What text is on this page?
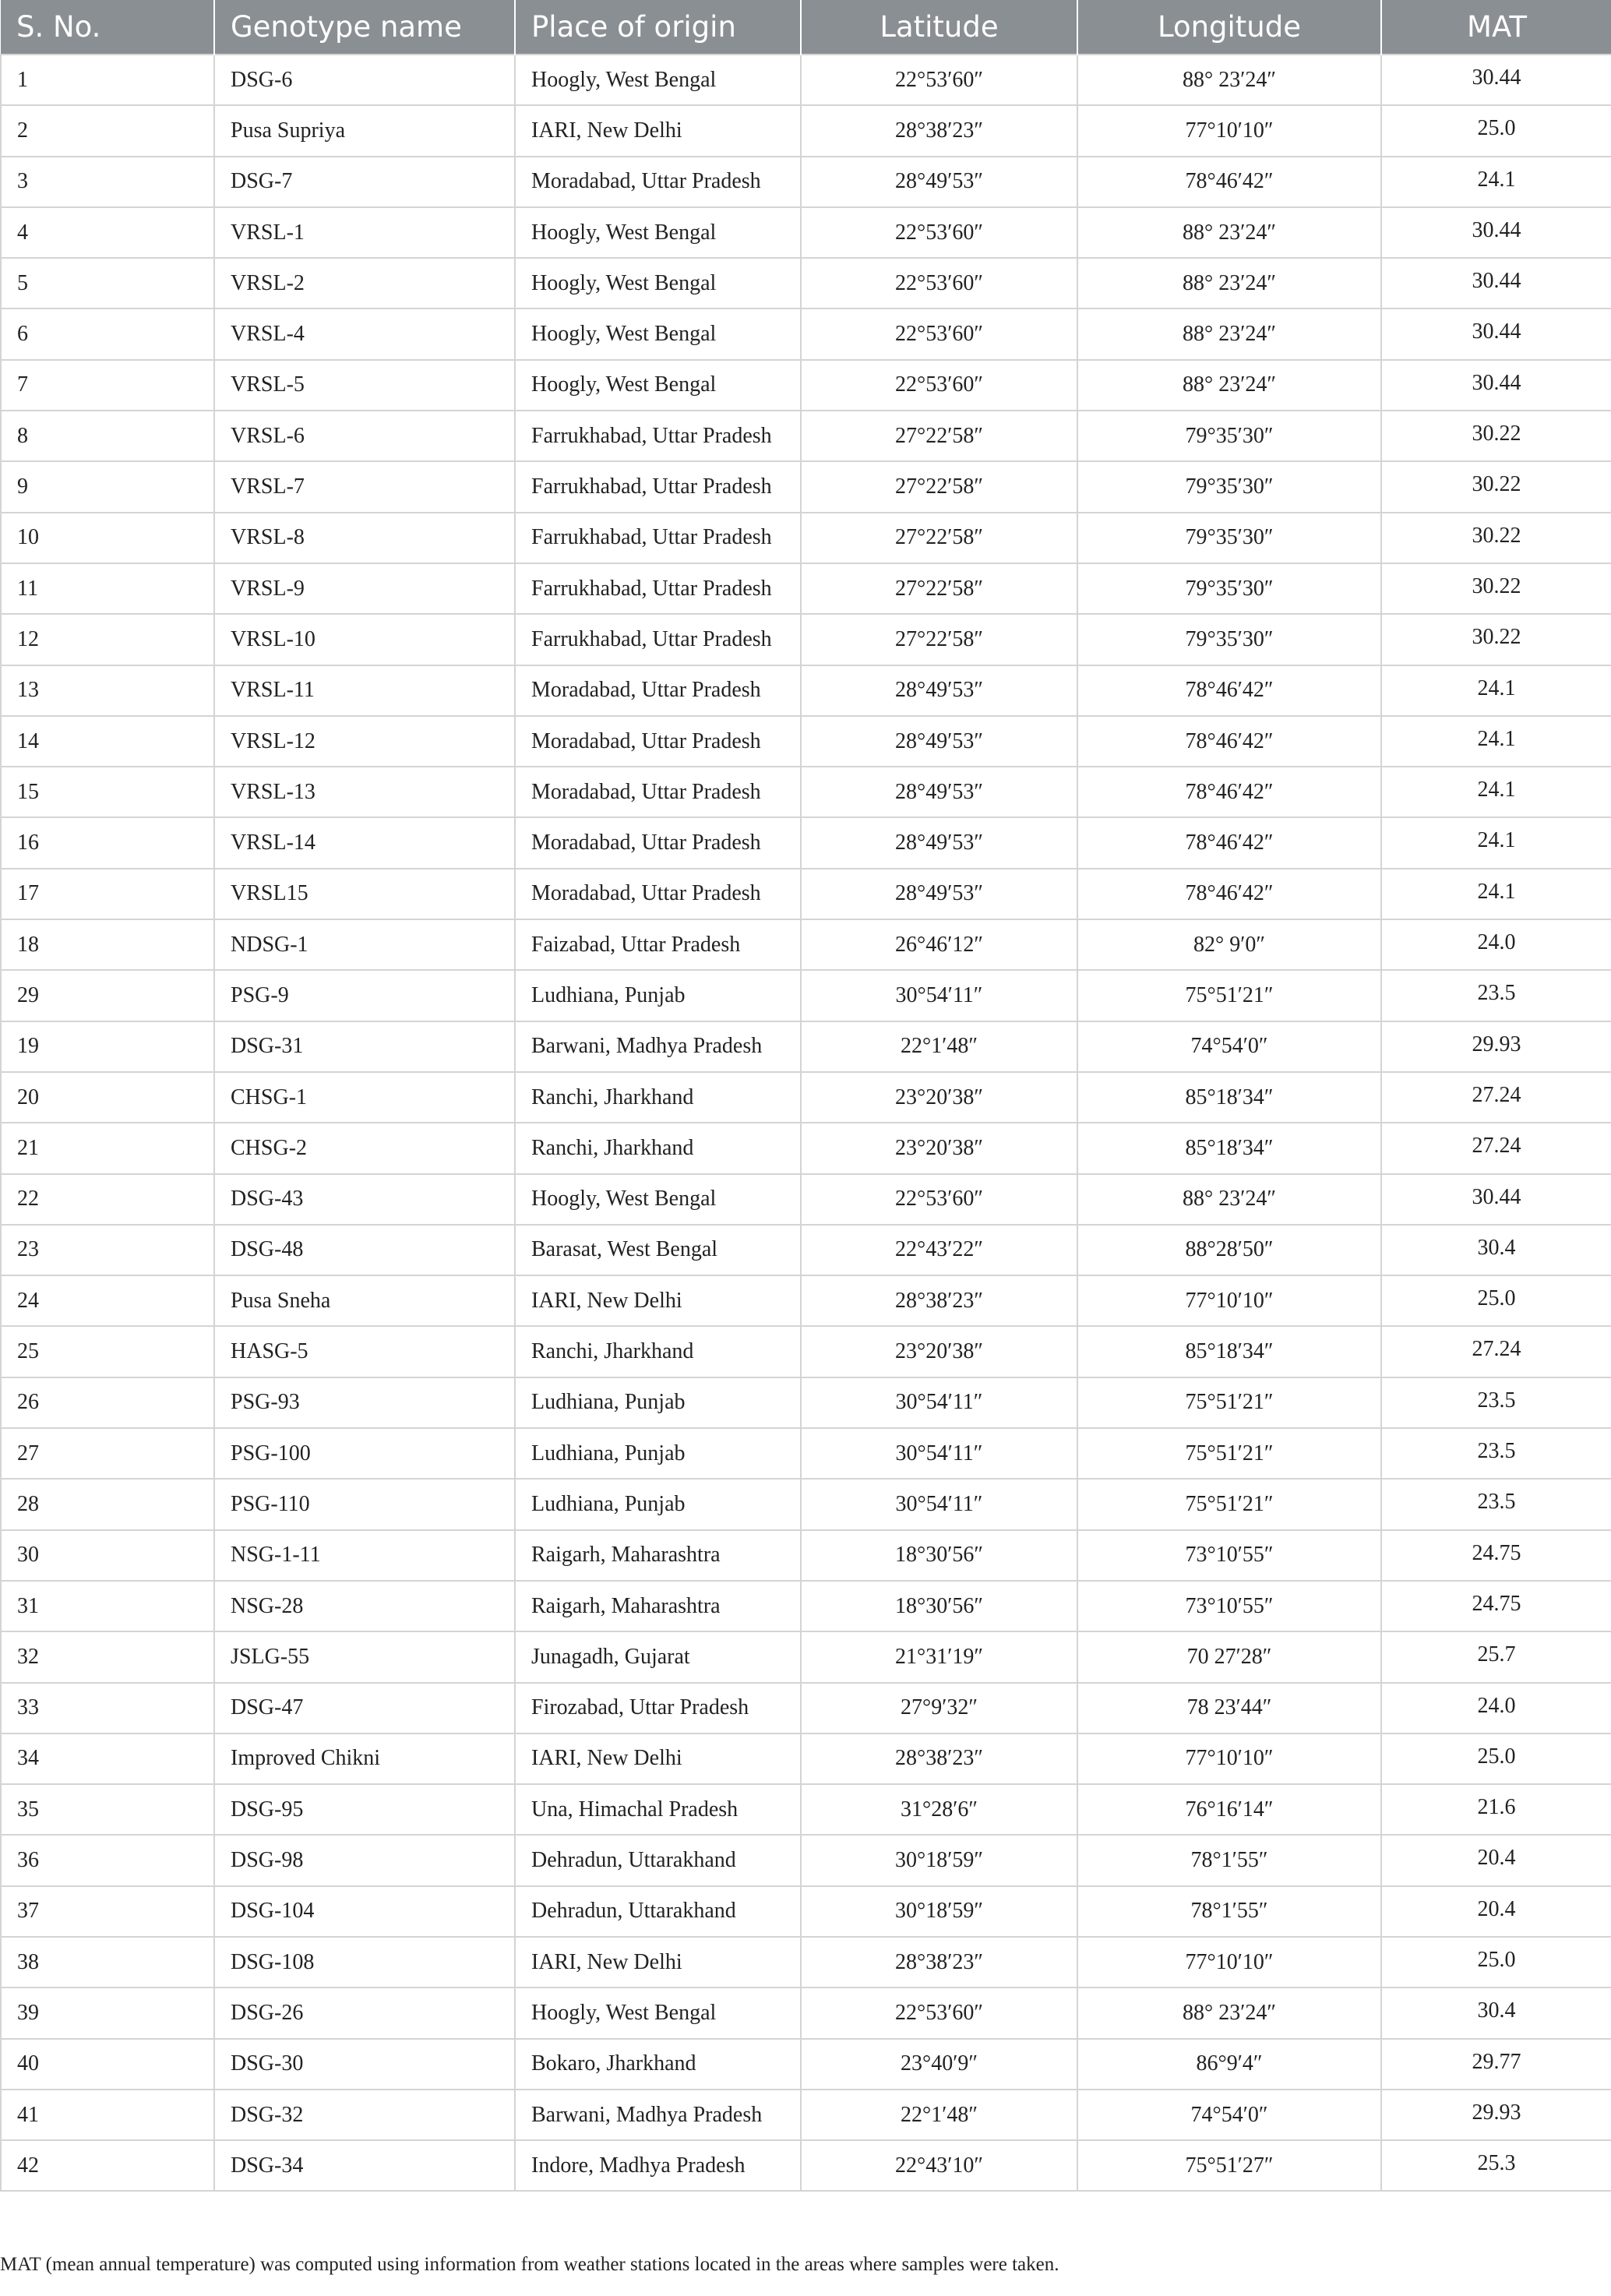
S. No.	Genotype name	Place of origin	Latitude	Longitude	MAT
1	DSG-6	Hoogly, West Bengal	22°53′60″	88° 23′24″	30.44
2	Pusa Supriya	IARI, New Delhi	28°38′23″	77°10′10″	25.0
3	DSG-7	Moradabad, Uttar Pradesh	28°49′53″	78°46′42″	24.1
4	VRSL-1	Hoogly, West Bengal	22°53′60″	88° 23′24″	30.44
5	VRSL-2	Hoogly, West Bengal	22°53′60″	88° 23′24″	30.44
6	VRSL-4	Hoogly, West Bengal	22°53′60″	88° 23′24″	30.44
7	VRSL-5	Hoogly, West Bengal	22°53′60″	88° 23′24″	30.44
8	VRSL-6	Farrukhabad, Uttar Pradesh	27°22′58″	79°35′30″	30.22
9	VRSL-7	Farrukhabad, Uttar Pradesh	27°22′58″	79°35′30″	30.22
10	VRSL-8	Farrukhabad, Uttar Pradesh	27°22′58″	79°35′30″	30.22
11	VRSL-9	Farrukhabad, Uttar Pradesh	27°22′58″	79°35′30″	30.22
12	VRSL-10	Farrukhabad, Uttar Pradesh	27°22′58″	79°35′30″	30.22
13	VRSL-11	Moradabad, Uttar Pradesh	28°49′53″	78°46′42″	24.1
14	VRSL-12	Moradabad, Uttar Pradesh	28°49′53″	78°46′42″	24.1
15	VRSL-13	Moradabad, Uttar Pradesh	28°49′53″	78°46′42″	24.1
16	VRSL-14	Moradabad, Uttar Pradesh	28°49′53″	78°46′42″	24.1
17	VRSL15	Moradabad, Uttar Pradesh	28°49′53″	78°46′42″	24.1
18	NDSG-1	Faizabad, Uttar Pradesh	26°46′12″	82° 9′0″	24.0
29	PSG-9	Ludhiana, Punjab	30°54′11″	75°51′21″	23.5
19	DSG-31	Barwani, Madhya Pradesh	22°1′48″	74°54′0″	29.93
20	CHSG-1	Ranchi, Jharkhand	23°20′38″	85°18′34″	27.24
21	CHSG-2	Ranchi, Jharkhand	23°20′38″	85°18′34″	27.24
22	DSG-43	Hoogly, West Bengal	22°53′60″	88° 23′24″	30.44
23	DSG-48	Barasat, West Bengal	22°43′22″	88°28′50″	30.4
24	Pusa Sneha	IARI, New Delhi	28°38′23″	77°10′10″	25.0
25	HASG-5	Ranchi, Jharkhand	23°20′38″	85°18′34″	27.24
26	PSG-93	Ludhiana, Punjab	30°54′11″	75°51′21″	23.5
27	PSG-100	Ludhiana, Punjab	30°54′11″	75°51′21″	23.5
28	PSG-110	Ludhiana, Punjab	30°54′11″	75°51′21″	23.5
30	NSG-1-11	Raigarh, Maharashtra	18°30′56″	73°10′55″	24.75
31	NSG-28	Raigarh, Maharashtra	18°30′56″	73°10′55″	24.75
32	JSLG-55	Junagadh, Gujarat	21°31′19″	70 27′28″	25.7
33	DSG-47	Firozabad, Uttar Pradesh	27°9′32″	78 23′44″	24.0
34	Improved Chikni	IARI, New Delhi	28°38′23″	77°10′10″	25.0
35	DSG-95	Una, Himachal Pradesh	31°28′6″	76°16′14″	21.6
36	DSG-98	Dehradun, Uttarakhand	30°18′59″	78°1′55″	20.4
37	DSG-104	Dehradun, Uttarakhand	30°18′59″	78°1′55″	20.4
38	DSG-108	IARI, New Delhi	28°38′23″	77°10′10″	25.0
39	DSG-26	Hoogly, West Bengal	22°53′60″	88° 23′24″	30.4
40	DSG-30	Bokaro, Jharkhand	23°40′9″	86°9′4″	29.77
41	DSG-32	Barwani, Madhya Pradesh	22°1′48″	74°54′0″	29.93
42	DSG-34	Indore, Madhya Pradesh	22°43′10″	75°51′27″	25.3
MAT (mean annual temperature) was computed using information from weather stations located in the areas where samples were taken.
